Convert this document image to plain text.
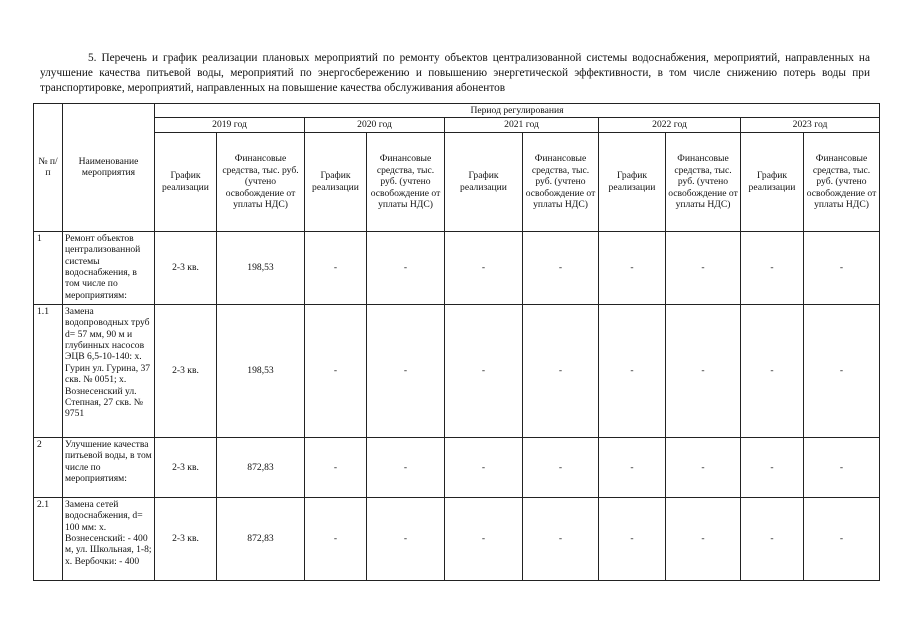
5. Перечень и график реализации плановых мероприятий по ремонту объектов централизованной системы водоснабжения, мероприятий, направленных на улучшение качества питьевой воды, мероприятий по энергосбережению и повышению энергетической эффективности, в том числе снижению потерь воды при транспортировке, мероприятий, направленных на повышение качества обслуживания абонентов

№ п/п	Наименование мероприятия	Период регулирования									
		2019 год		2020 год		2021 год		2022 год		2023 год	
		График реализации	Финансовые средства, тыс. руб. (учтено освобождение от уплаты НДС)	График реализации	Финансовые средства, тыс. руб. (учтено освобождение от уплаты НДС)	График реализации	Финансовые средства, тыс. руб. (учтено освобождение от уплаты НДС)	График реализации	Финансовые средства, тыс. руб. (учтено освобождение от уплаты НДС)	График реализации	Финансовые средства, тыс. руб. (учтено освобождение от уплаты НДС)
1	Ремонт объектов централизованной системы водоснабжения, в том числе по мероприятиям:	2-3 кв.	198,53	-	-	-	-	-	-	-	-
1.1	Замена водопроводных труб d= 57 мм, 90 м и глубинных насосов ЭЦВ 6,5-10-140: х. Гурин ул. Гурина, 37 скв. № 0051; х. Вознесенский ул. Степная, 27 скв. № 9751	2-3 кв.	198,53	-	-	-	-	-	-	-	-
2	Улучшение качества питьевой воды, в том числе по мероприятиям:	2-3 кв.	872,83	-	-	-	-	-	-	-	-
2.1	Замена сетей водоснабжения, d= 100 мм: х. Вознесенский: - 400 м, ул. Школьная, 1-8; х. Вербочки: - 400	2-3 кв.	872,83	-	-	-	-	-	-	-	-
